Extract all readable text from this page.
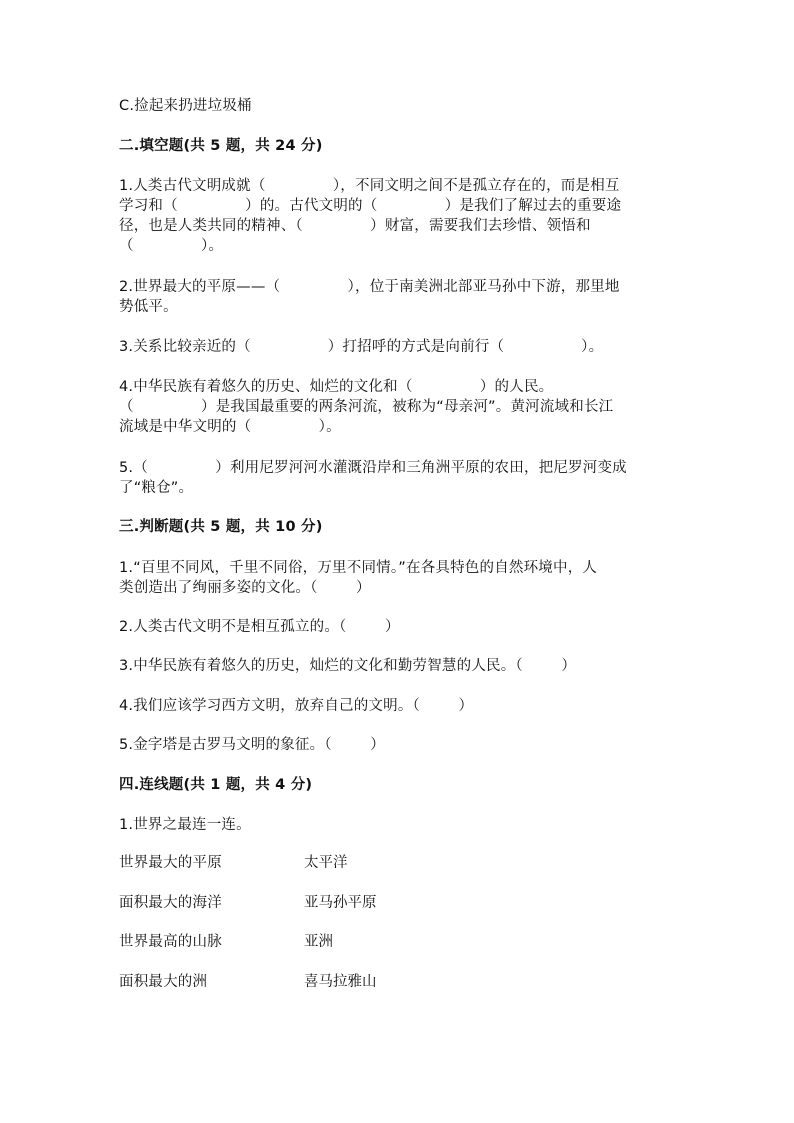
C.捡起来扔进垃圾桶
二.填空题(共 5 题，共 24 分)
1.人类古代文明成就（              ），不同文明之间不是孤立存在的，而是相互
学习和（              ）的。古代文明的（              ）是我们了解过去的重要途
径，也是人类共同的精神、（              ）财富，需要我们去珍惜、领悟和
（              ）。
2.世界最大的平原——（              ），位于南美洲北部亚马孙中下游，那里地
势低平。
3.关系比较亲近的（                ）打招呼的方式是向前行（                ）。
4.中华民族有着悠久的历史、灿烂的文化和（              ）的人民。
（              ）是我国最重要的两条河流，被称为“母亲河”。黄河流域和长江
流域是中华文明的（              ）。
5.（              ）利用尼罗河河水灌溉沿岸和三角洲平原的农田，把尼罗河变成
了“粮仓”。
三.判断题(共 5 题，共 10 分)
1.“百里不同风，千里不同俗，万里不同情。”在各具特色的自然环境中，人
类创造出了绚丽多姿的文化。（        ）
2.人类古代文明不是相互孤立的。（        ）
3.中华民族有着悠久的历史，灿烂的文化和勤劳智慧的人民。（        ）
4.我们应该学习西方文明，放弃自己的文明。（        ）
5.金字塔是古罗马文明的象征。（        ）
四.连线题(共 1 题，共 4 分)
1.世界之最连一连。
世界最大的平原	太平洋
面积最大的海洋	亚马孙平原
世界最高的山脉	亚洲
面积最大的洲	喜马拉雅山
